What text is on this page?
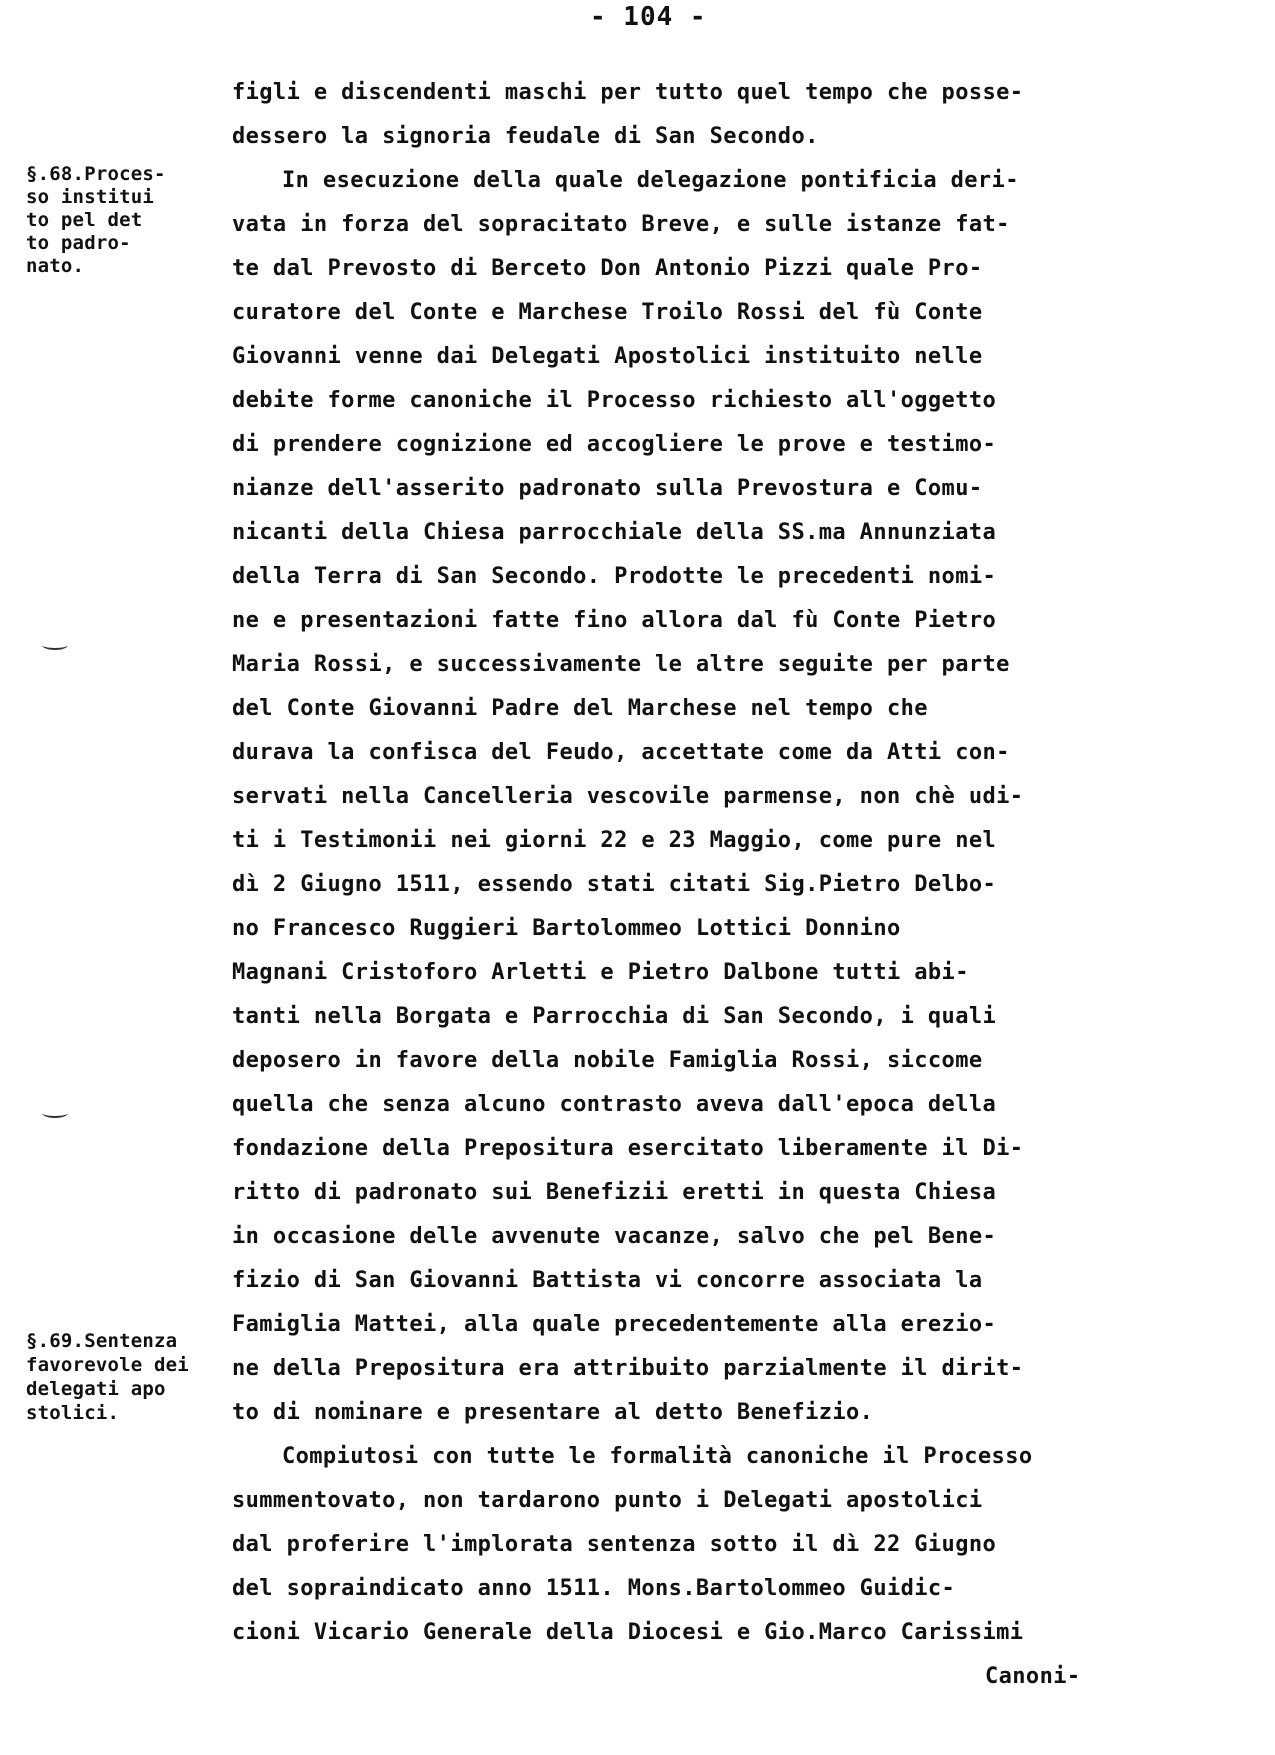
- 104 -
§.68.Proces-
so institui
to pel det
to padro-
nato.
§.69.Sentenza
favorevole dei
delegati apo
stolici.
figli e discendenti maschi per tutto quel tempo che posse-
dessero la signoria feudale di San Secondo.
In esecuzione della quale delegazione pontificia deri-
vata in forza del sopracitato Breve, e sulle istanze fat-
te dal Prevosto di Berceto Don Antonio Pizzi quale Pro-
curatore del Conte e Marchese Troilo Rossi del fù Conte
Giovanni venne dai Delegati Apostolici instituito nelle
debite forme canoniche il Processo richiesto all'oggetto
di prendere cognizione ed accogliere le prove e testimo-
nianze dell'asserito padronato sulla Prevostura e Comu-
nicanti della Chiesa parrocchiale della SS.ma Annunziata
della Terra di San Secondo. Prodotte le precedenti nomi-
ne e presentazioni fatte fino allora dal fù Conte Pietro
Maria Rossi, e successivamente le altre seguite per parte
del Conte Giovanni Padre del Marchese nel tempo che
durava la confisca del Feudo, accettate come da Atti con-
servati nella Cancelleria vescovile parmense, non chè udi-
ti i Testimonii nei giorni 22 e 23 Maggio, come pure nel
dì 2 Giugno 1511, essendo stati citati Sig.Pietro Delbo-
no Francesco Ruggieri Bartolommeo Lottici Donnino
Magnani Cristoforo Arletti e Pietro Dalbone tutti abi-
tanti nella Borgata e Parrocchia di San Secondo, i quali
deposero in favore della nobile Famiglia Rossi, siccome
quella che senza alcuno contrasto aveva dall'epoca della
fondazione della Prepositura esercitato liberamente il Di-
ritto di padronato sui Benefizii eretti in questa Chiesa
in occasione delle avvenute vacanze, salvo che pel Bene-
fizio di San Giovanni Battista vi concorre associata la
Famiglia Mattei, alla quale precedentemente alla erezio-
ne della Prepositura era attribuito parzialmente il dirit-
to di nominare e presentare al detto Benefizio.
Compiutosi con tutte le formalità canoniche il Processo
summentovato, non tardarono punto i Delegati apostolici
dal proferire l'implorata sentenza sotto il dì 22 Giugno
del sopraindicato anno 1511. Mons.Bartolommeo Guidic-
cioni Vicario Generale della Diocesi e Gio.Marco Carissimi
Canoni-
